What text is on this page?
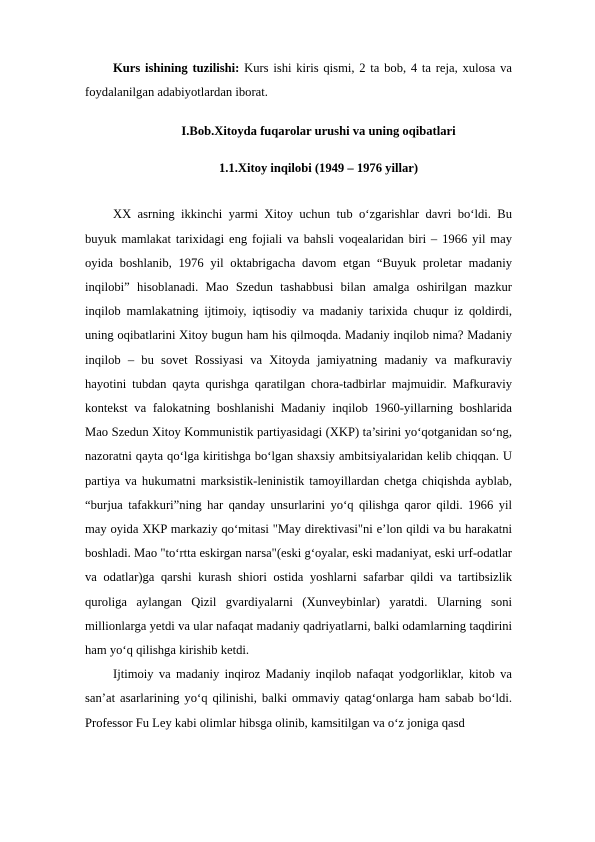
Kurs ishining tuzilishi: Kurs ishi kiris qismi, 2 ta bob, 4 ta reja, xulosa va foydalanilgan adabiyotlardan iborat.

I.Bob.Xitoyda fuqarolar urushi va uning oqibatlari

1.1.Xitoy inqilobi (1949 – 1976 yillar)

XX asrning ikkinchi yarmi Xitoy uchun tub o‘zgarishlar davri bo‘ldi. Bu buyuk mamlakat tarixidagi eng fojiali va bahsli voqealaridan biri – 1966 yil may oyida boshlanib, 1976 yil oktabrigacha davom etgan “Buyuk proletar madaniy inqilobi” hisoblanadi. Mao Szedun tashabbusi bilan amalga oshirilgan mazkur inqilob mamlakatning ijtimoiy, iqtisodiy va madaniy tarixida chuqur iz qoldirdi, uning oqibatlarini Xitoy bugun ham his qilmoqda. Madaniy inqilob nima? Madaniy inqilob – bu sovet Rossiyasi va Xitoyda jamiyatning madaniy va mafkuraviy hayotini tubdan qayta qurishga qaratilgan chora-tadbirlar majmuidir. Mafkuraviy kontekst va falokatning boshlanishi Madaniy inqilob 1960-yillarning boshlarida Mao Szedun Xitoy Kommunistik partiyasidagi (XKP) ta’sirini yo‘qotganidan so‘ng, nazoratni qayta qo‘lga kiritishga bo‘lgan shaxsiy ambitsiyalaridan kelib chiqqan. U partiya va hukumatni marksistik-leninistik tamoyillardan chetga chiqishda ayblab, “burjua tafakkuri”ning har qanday unsurlarini yo‘q qilishga qaror qildi. 1966 yil may oyida XKP markaziy qo‘mitasi "May direktivasi"ni e’lon qildi va bu harakatni boshladi. Mao "to‘rtta eskirgan narsa"(eski g‘oyalar, eski madaniyat, eski urf-odatlar va odatlar)ga qarshi kurash shiori ostida yoshlarni safarbar qildi va tartibsizlik quroliga aylangan Qizil gvardiyalarni (Xunveybinlar) yaratdi. Ularning soni millionlarga yetdi va ular nafaqat madaniy qadriyatlarni, balki odamlarning taqdirini ham yo‘q qilishga kirishib ketdi.

Ijtimoiy va madaniy inqiroz Madaniy inqilob nafaqat yodgorliklar, kitob va san’at asarlarining yo‘q qilinishi, balki ommaviy qatag‘onlarga ham sabab bo‘ldi. Professor Fu Ley kabi olimlar hibsga olinib, kamsitilgan va o‘z joniga qasd
